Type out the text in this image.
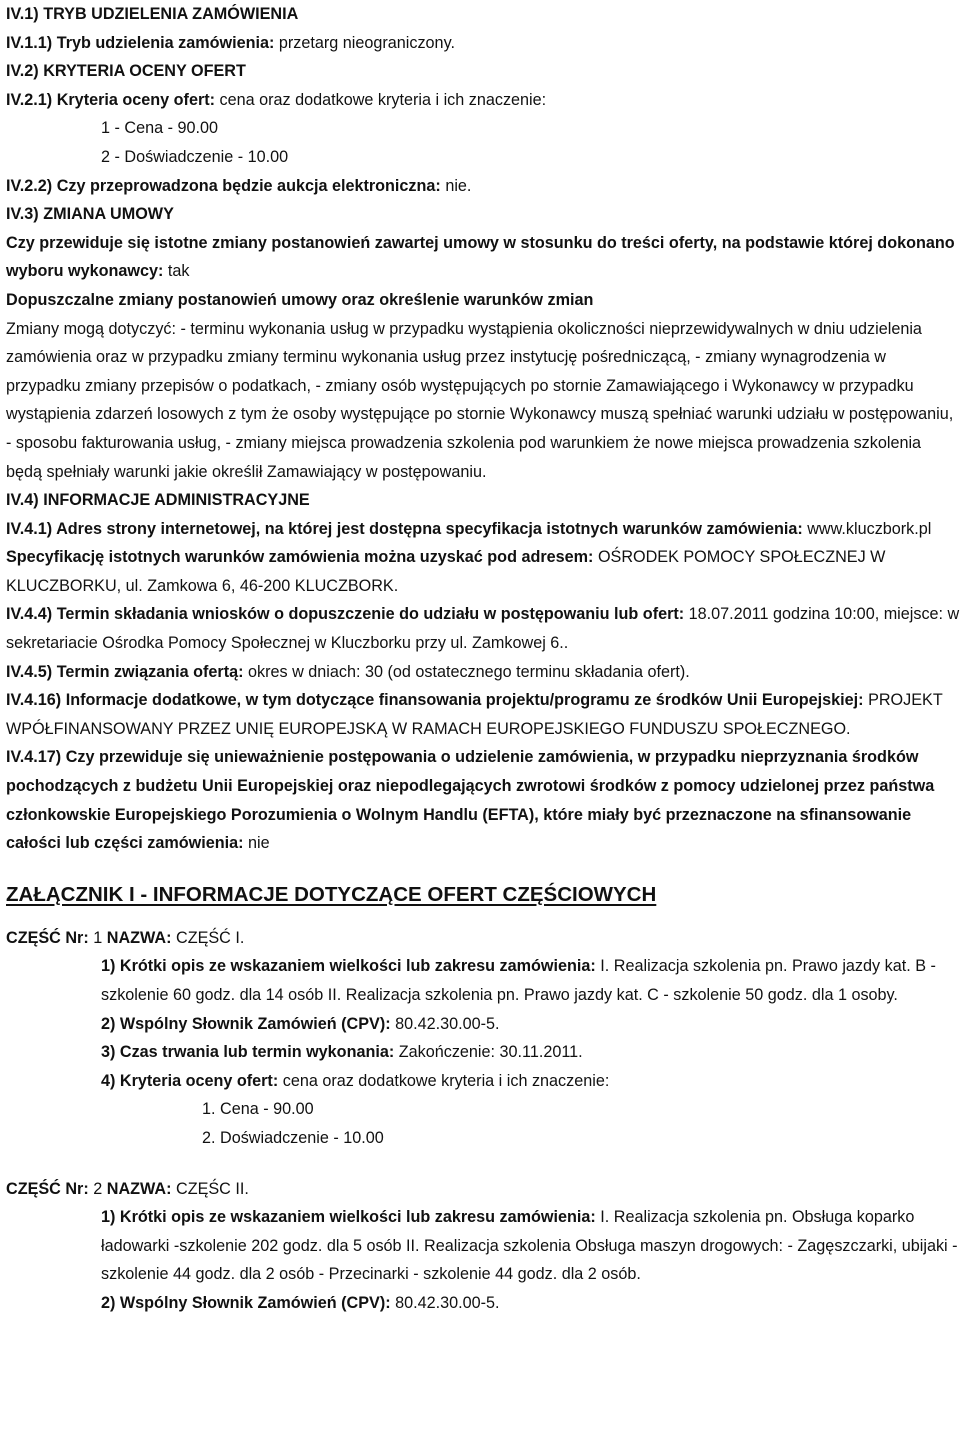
IV.1) TRYB UDZIELENIA ZAMÓWIENIA

IV.1.1) Tryb udzielenia zamówienia: przetarg nieograniczony.

IV.2) KRYTERIA OCENY OFERT

IV.2.1) Kryteria oceny ofert: cena oraz dodatkowe kryteria i ich znaczenie:

1 - Cena - 90.00

2 - Doświadczenie - 10.00

IV.2.2) Czy przeprowadzona będzie aukcja elektroniczna: nie.

IV.3) ZMIANA UMOWY

Czy przewiduje się istotne zmiany postanowień zawartej umowy w stosunku do treści oferty, na podstawie której dokonano wyboru wykonawcy: tak

Dopuszczalne zmiany postanowień umowy oraz określenie warunków zmian

Zmiany mogą dotyczyć: - terminu wykonania usług w przypadku wystąpienia okoliczności nieprzewidywalnych w dniu udzielenia zamówienia oraz w przypadku zmiany terminu wykonania usług przez instytucję pośredniczącą, - zmiany wynagrodzenia w przypadku zmiany przepisów o podatkach, - zmiany osób występujących po stornie Zamawiającego i Wykonawcy w przypadku wystąpienia zdarzeń losowych z tym że osoby występujące po stornie Wykonawcy muszą spełniać warunki udziału w postępowaniu, - sposobu fakturowania usług, - zmiany miejsca prowadzenia szkolenia pod warunkiem że nowe miejsca prowadzenia szkolenia będą spełniały warunki jakie określił Zamawiający w postępowaniu.

IV.4) INFORMACJE ADMINISTRACYJNE

IV.4.1) Adres strony internetowej, na której jest dostępna specyfikacja istotnych warunków zamówienia: www.kluczbork.pl

Specyfikację istotnych warunków zamówienia można uzyskać pod adresem: OŚRODEK POMOCY SPOŁECZNEJ W KLUCZBORKU, ul. Zamkowa 6, 46-200 KLUCZBORK.

IV.4.4) Termin składania wniosków o dopuszczenie do udziału w postępowaniu lub ofert: 18.07.2011 godzina 10:00, miejsce: w sekretariacie Ośrodka Pomocy Społecznej w Kluczborku przy ul. Zamkowej 6..

IV.4.5) Termin związania ofertą: okres w dniach: 30 (od ostatecznego terminu składania ofert).

IV.4.16) Informacje dodatkowe, w tym dotyczące finansowania projektu/programu ze środków Unii Europejskiej: PROJEKT WPÓŁFINANSOWANY PRZEZ UNIĘ EUROPEJSKĄ W RAMACH EUROPEJSKIEGO FUNDUSZU SPOŁECZNEGO.

IV.4.17) Czy przewiduje się unieważnienie postępowania o udzielenie zamówienia, w przypadku nieprzyznania środków pochodzących z budżetu Unii Europejskiej oraz niepodlegających zwrotowi środków z pomocy udzielonej przez państwa członkowskie Europejskiego Porozumienia o Wolnym Handlu (EFTA), które miały być przeznaczone na sfinansowanie całości lub części zamówienia: nie

ZAŁĄCZNIK I - INFORMACJE DOTYCZĄCE OFERT CZĘŚCIOWYCH

CZĘŚĆ Nr: 1 NAZWA: CZĘŚĆ I.

1) Krótki opis ze wskazaniem wielkości lub zakresu zamówienia: I. Realizacja szkolenia pn. Prawo jazdy kat. B - szkolenie 60 godz. dla 14 osób II. Realizacja szkolenia pn. Prawo jazdy kat. C - szkolenie 50 godz. dla 1 osoby.

2) Wspólny Słownik Zamówień (CPV): 80.42.30.00-5.

3) Czas trwania lub termin wykonania: Zakończenie: 30.11.2011.

4) Kryteria oceny ofert: cena oraz dodatkowe kryteria i ich znaczenie:

1. Cena - 90.00

2. Doświadczenie - 10.00

CZĘŚĆ Nr: 2 NAZWA: CZĘŚC II.

1) Krótki opis ze wskazaniem wielkości lub zakresu zamówienia: I. Realizacja szkolenia pn. Obsługa koparko ładowarki -szkolenie 202 godz. dla 5 osób II. Realizacja szkolenia Obsługa maszyn drogowych: - Zagęszczarki, ubijaki - szkolenie 44 godz. dla 2 osób - Przecinarki - szkolenie 44 godz. dla 2 osób.

2) Wspólny Słownik Zamówień (CPV): 80.42.30.00-5.
